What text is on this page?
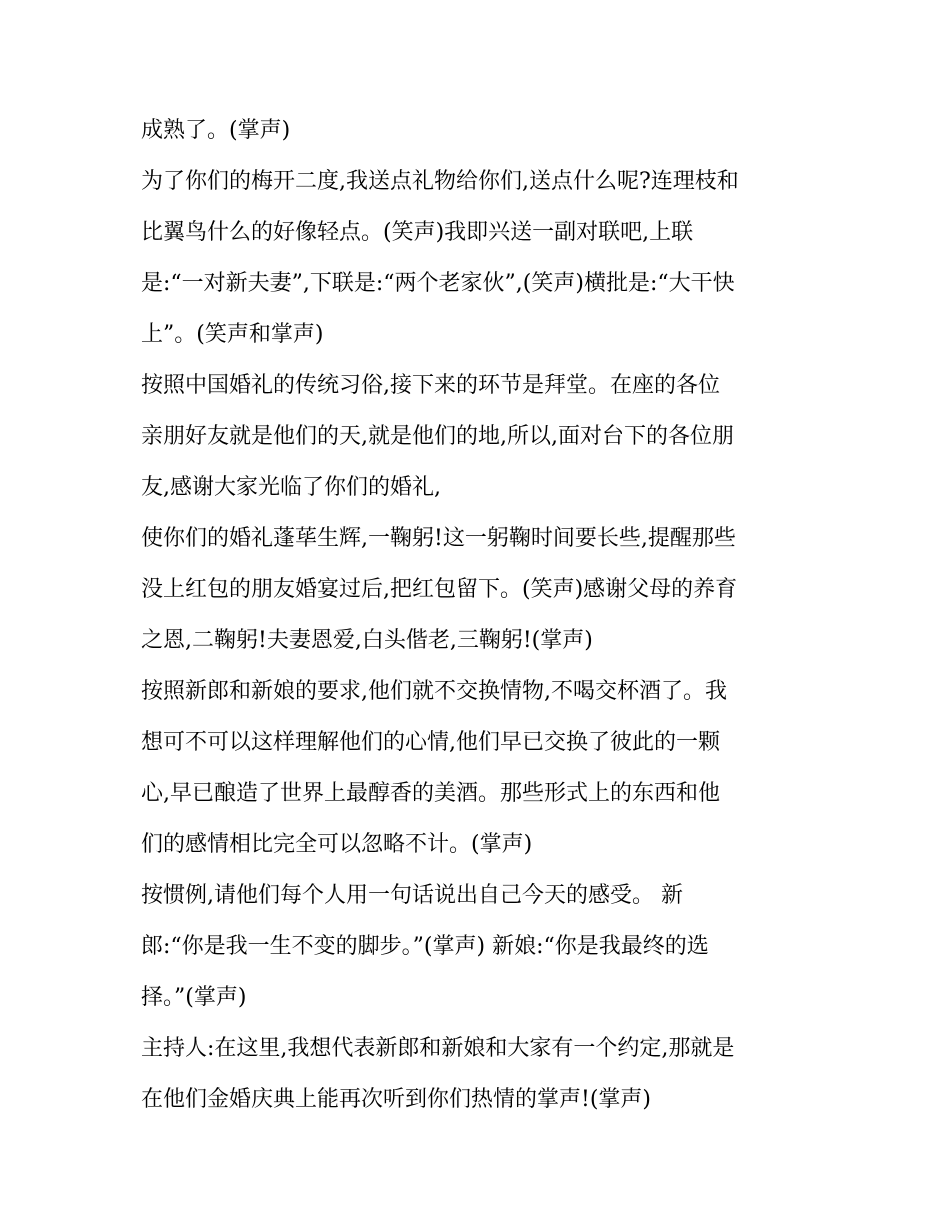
成熟了。(掌声)
为了你们的梅开二度,我送点礼物给你们,送点什么呢?连理枝和
比翼鸟什么的好像轻点。(笑声)我即兴送一副对联吧,上联
是:“一对新夫妻”,下联是:“两个老家伙”,(笑声)横批是:“大干快
上”。(笑声和掌声)
按照中国婚礼的传统习俗,接下来的环节是拜堂。在座的各位
亲朋好友就是他们的天,就是他们的地,所以,面对台下的各位朋
友,感谢大家光临了你们的婚礼,
使你们的婚礼蓬荜生辉,一鞠躬!这一躬鞠时间要长些,提醒那些
没上红包的朋友婚宴过后,把红包留下。(笑声)感谢父母的养育
之恩,二鞠躬!夫妻恩爱,白头偕老,三鞠躬!(掌声)
按照新郎和新娘的要求,他们就不交换情物,不喝交杯酒了。我
想可不可以这样理解他们的心情,他们早已交换了彼此的一颗
心,早已酿造了世界上最醇香的美酒。那些形式上的东西和他
们的感情相比完全可以忽略不计。(掌声)
按惯例,请他们每个人用一句话说出自己今天的感受。 新
郎:“你是我一生不变的脚步。”(掌声) 新娘:“你是我最终的选
择。”(掌声)
主持人:在这里,我想代表新郎和新娘和大家有一个约定,那就是
在他们金婚庆典上能再次听到你们热情的掌声!(掌声)
